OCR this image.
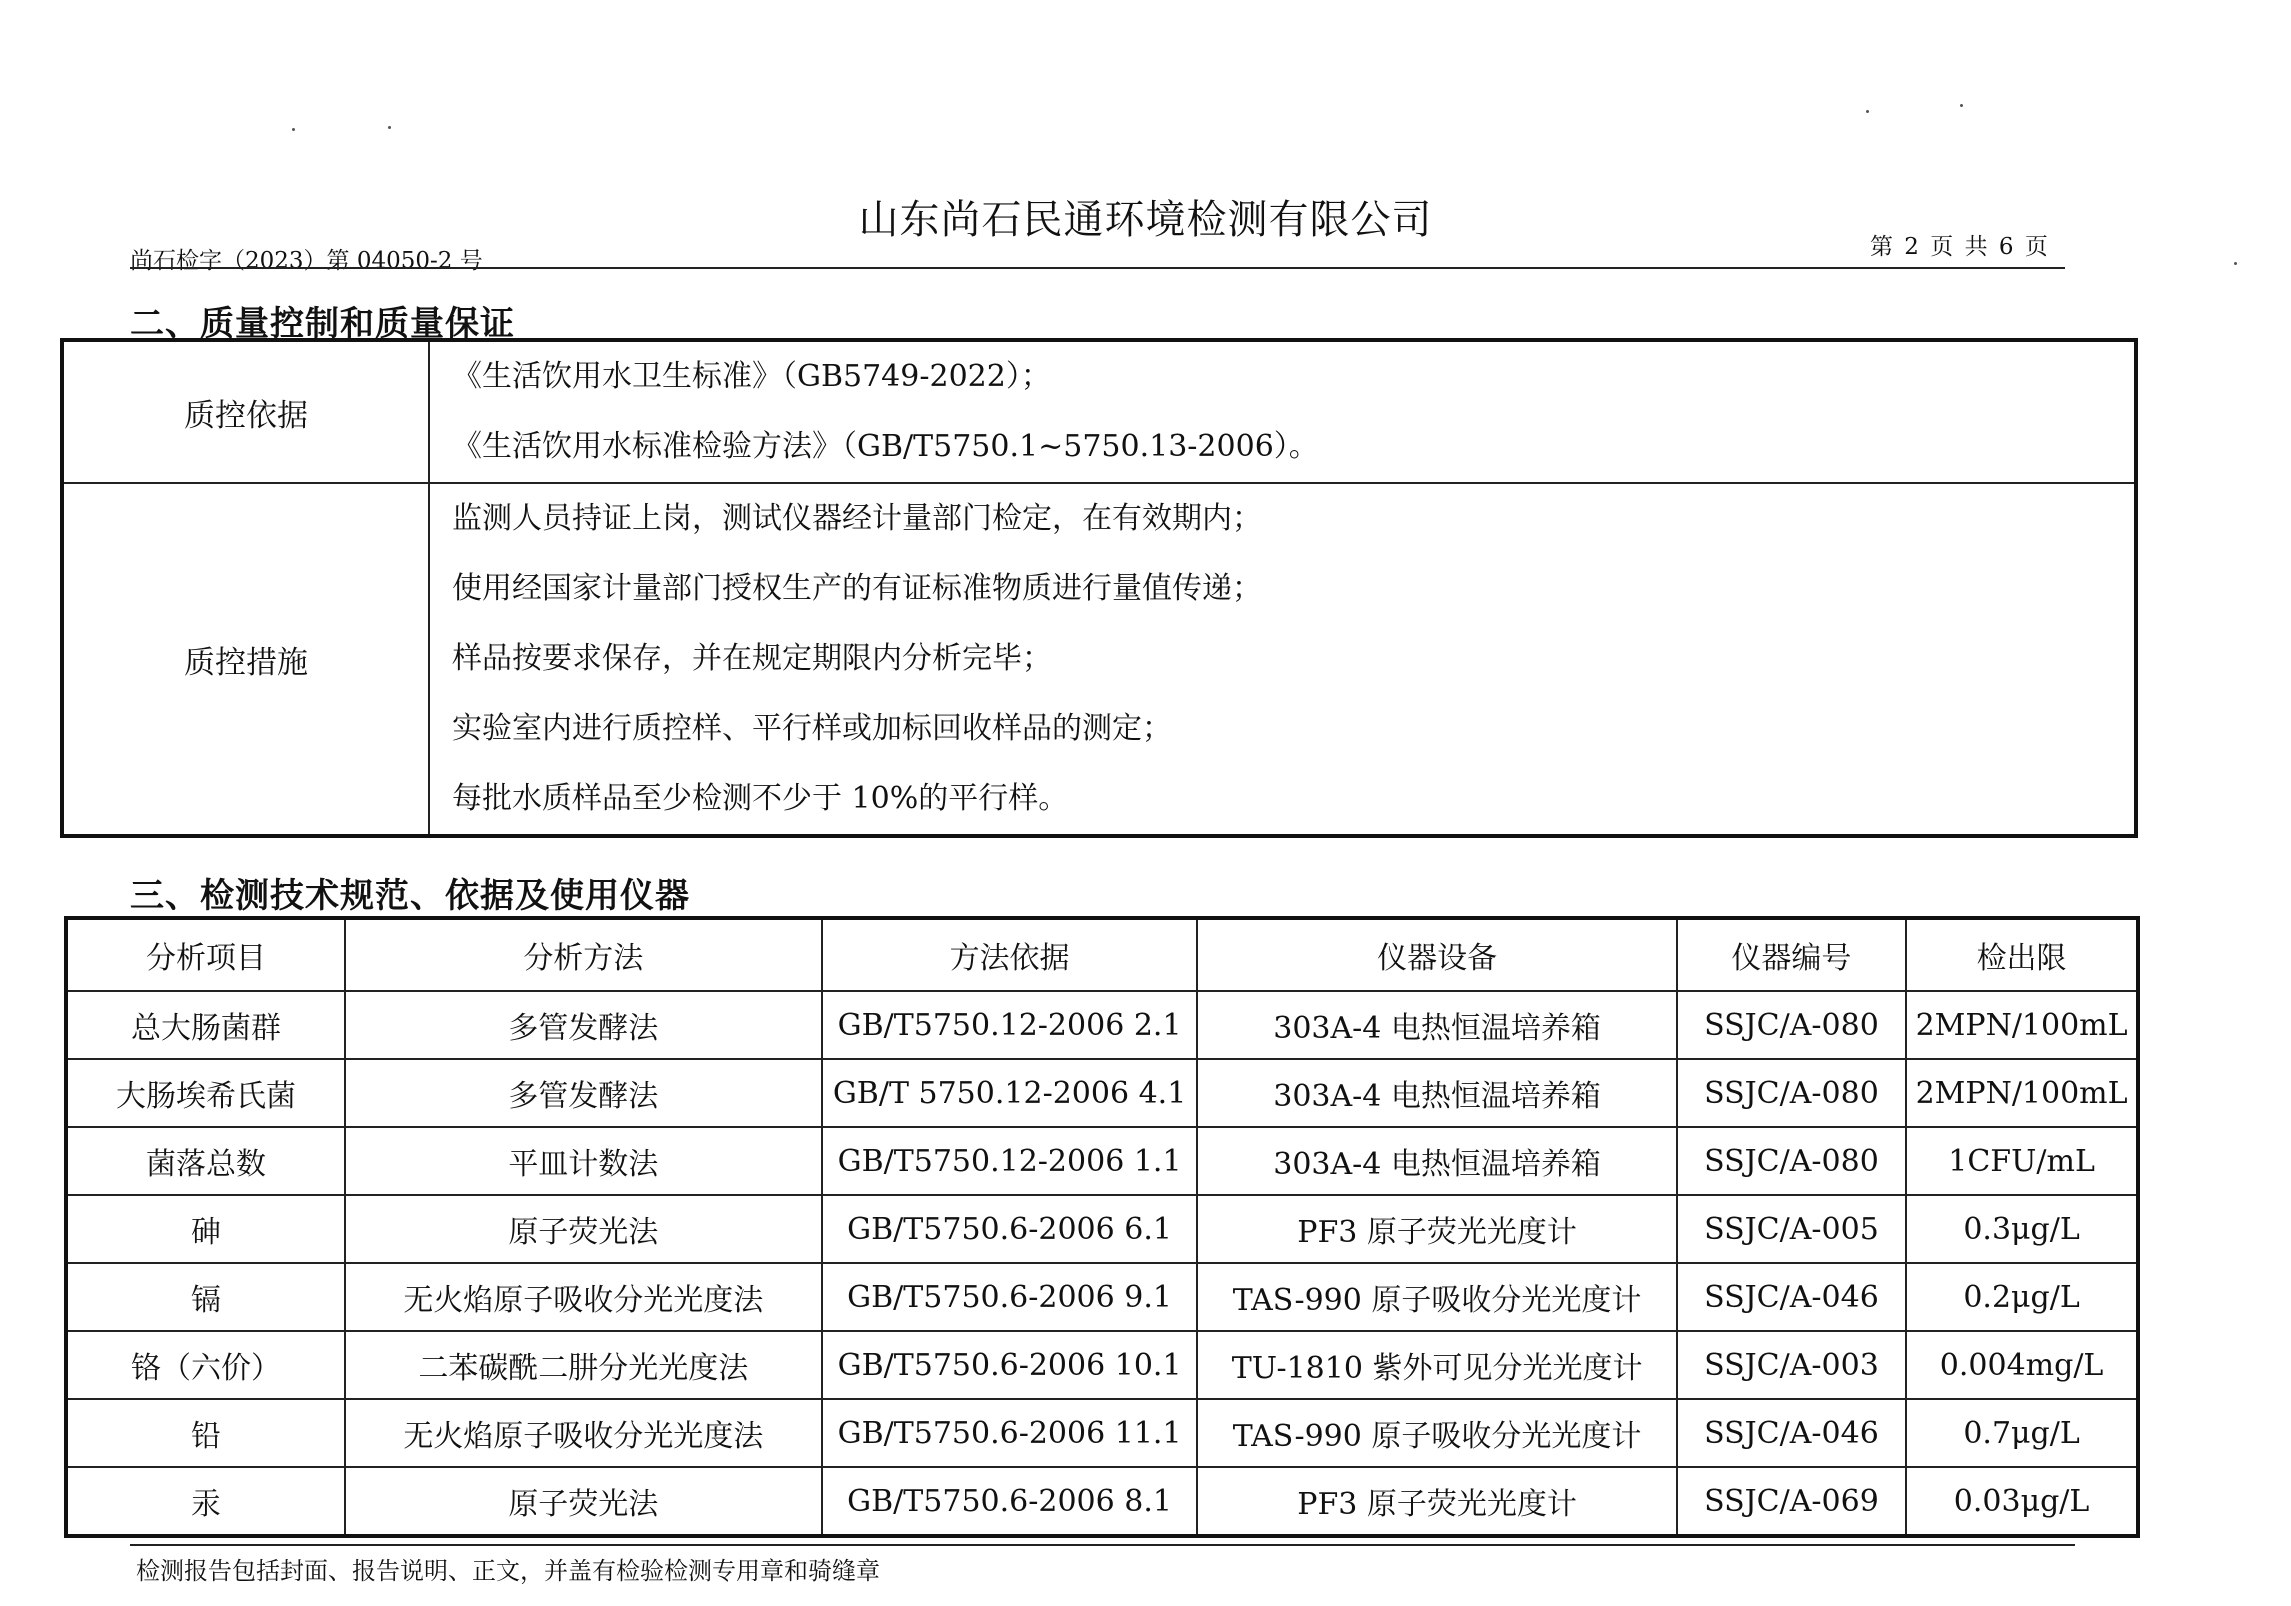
山东尚石民通环境检测有限公司
尚石检字（2023）第 04050-2 号
第 2 页 共 6 页
二、质量控制和质量保证
质控依据	《生活饮用水卫生标准》（GB5749-2022）；
《生活饮用水标准检验方法》（GB/T5750.1~5750.13-2006）。

质控措施	监测人员持证上岗，测试仪器经计量部门检定，在有效期内；
使用经国家计量部门授权生产的有证标准物质进行量值传递；
样品按要求保存，并在规定期限内分析完毕；
实验室内进行质控样、平行样或加标回收样品的测定；
每批水质样品至少检测不少于 10%的平行样。
三、检测技术规范、依据及使用仪器
分析项目	分析方法	方法依据	仪器设备	仪器编号	检出限
总大肠菌群	多管发酵法	GB/T5750.12-2006 2.1	303A-4 电热恒温培养箱	SSJC/A-080	2MPN/100mL
大肠埃希氏菌	多管发酵法	GB/T 5750.12-2006 4.1	303A-4 电热恒温培养箱	SSJC/A-080	2MPN/100mL
菌落总数	平皿计数法	GB/T5750.12-2006 1.1	303A-4 电热恒温培养箱	SSJC/A-080	1CFU/mL
砷	原子荧光法	GB/T5750.6-2006 6.1	PF3 原子荧光光度计	SSJC/A-005	0.3μg/L
镉	无火焰原子吸收分光光度法	GB/T5750.6-2006 9.1	TAS-990 原子吸收分光光度计	SSJC/A-046	0.2μg/L
铬（六价）	二苯碳酰二肼分光光度法	GB/T5750.6-2006 10.1	TU-1810 紫外可见分光光度计	SSJC/A-003	0.004mg/L
铅	无火焰原子吸收分光光度法	GB/T5750.6-2006 11.1	TAS-990 原子吸收分光光度计	SSJC/A-046	0.7μg/L
汞	原子荧光法	GB/T5750.6-2006 8.1	PF3 原子荧光光度计	SSJC/A-069	0.03μg/L
检测报告包括封面、报告说明、正文，并盖有检验检测专用章和骑缝章
